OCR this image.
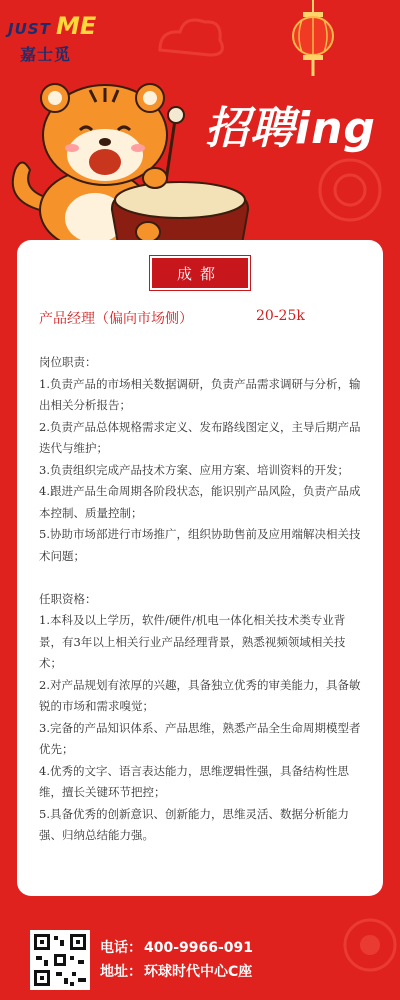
JUST ME
嘉士觅
招聘ing
成都
产品经理（偏向市场侧）	20-25k

岗位职责：

1.负责产品的市场相关数据调研，负责产品需求调研与分析，输出相关分析报告；

2.负责产品总体规格需求定义、发布路线图定义，主导后期产品迭代与维护；

3.负责组织完成产品技术方案、应用方案、培训资料的开发；

4.跟进产品生命周期各阶段状态，能识别产品风险，负责产品成本控制、质量控制；

5.协助市场部进行市场推广，组织协助售前及应用端解决相关技术问题；

任职资格：

1.本科及以上学历，软件/硬件/机电一体化相关技术类专业背景，有3年以上相关行业产品经理背景，熟悉视频领域相关技术；

2.对产品规划有浓厚的兴趣，具备独立优秀的审美能力，具备敏锐的市场和需求嗅觉；

3.完备的产品知识体系、产品思维，熟悉产品全生命周期模型者优先；

4.优秀的文字、语言表达能力，思维逻辑性强，具备结构性思维，擅长关键环节把控；

5.具备优秀的创新意识、创新能力，思维灵活、数据分析能力强、归纳总结能力强。

电话： 400-9966-091
地址： 环球时代中心C座
